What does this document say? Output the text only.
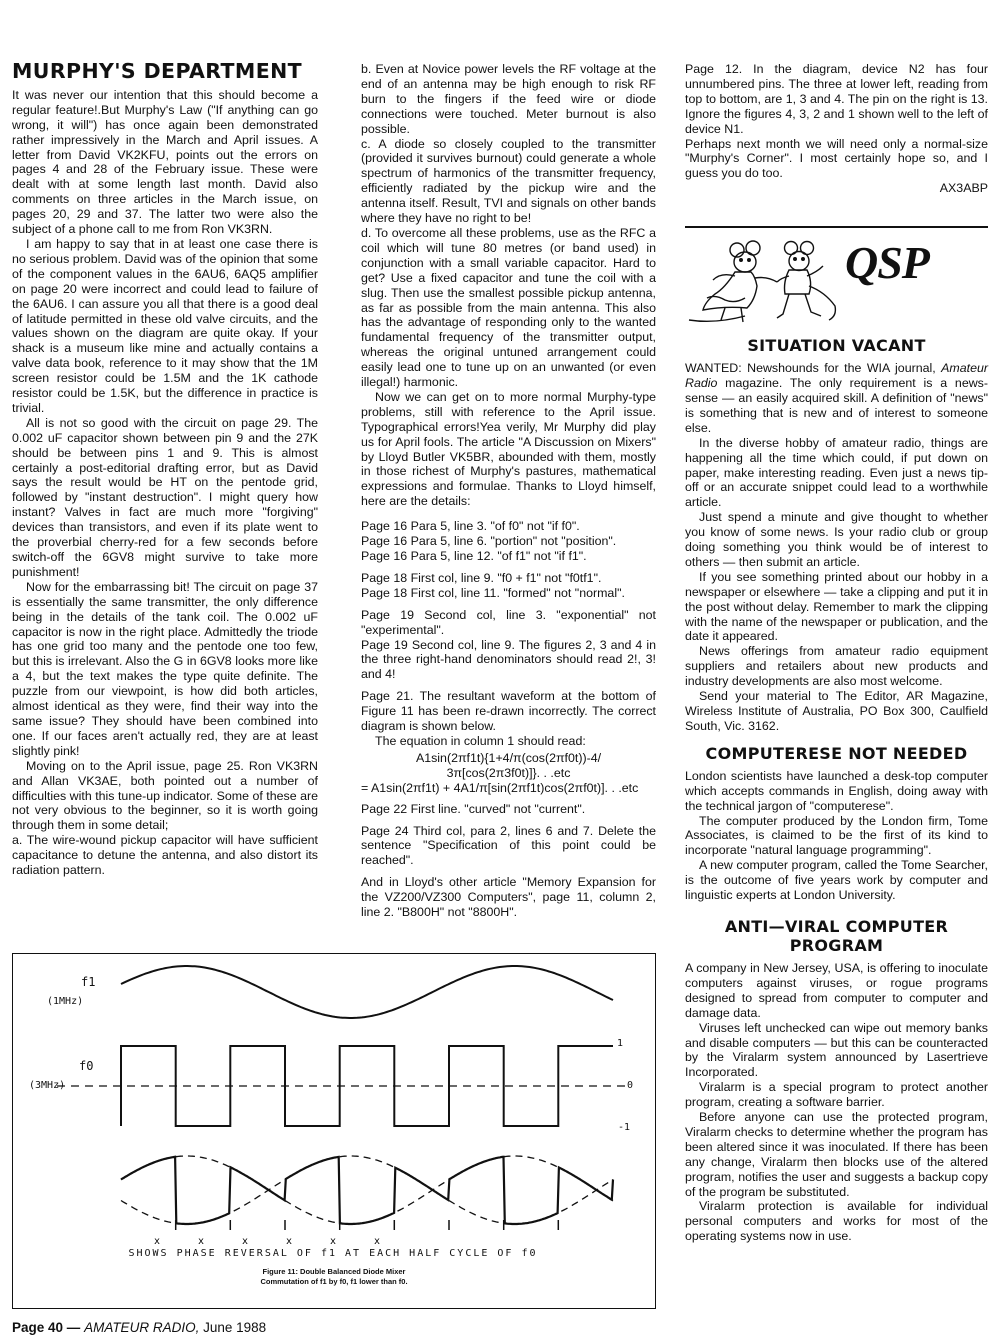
MURPHY'S DEPARTMENT

It was never our intention that this should become a regular feature!.But Murphy's Law ("If anything can go wrong, it will") has once again been demonstrated rather impressively in the March and April issues. A letter from David VK2KFU, points out the errors on pages 4 and 28 of the February issue. These were dealt with at some length last month. David also comments on three articles in the March issue, on pages 20, 29 and 37. The latter two were also the subject of a phone call to me from Ron VK3RN.

I am happy to say that in at least one case there is no serious problem. David was of the opinion that some of the component values in the 6AU6, 6AQ5 amplifier on page 20 were incorrect and could lead to failure of the 6AU6. I can assure you all that there is a good deal of latitude permitted in these old valve circuits, and the values shown on the diagram are quite okay. If your shack is a museum like mine and actually contains a valve data book, reference to it may show that the 1M screen resistor could be 1.5M and the 1K cathode resistor could be 1.5K, but the difference in practice is trivial.

All is not so good with the circuit on page 29. The 0.002 uF capacitor shown between pin 9 and the 27K should be between pins 1 and 9. This is almost certainly a post-editorial drafting error, but as David says the result would be HT on the pentode grid, followed by "instant destruction". I might query how instant? Valves in fact are much more "forgiving" devices than transistors, and even if its plate went to the proverbial cherry-red for a few seconds before switch-off the 6GV8 might survive to take more punishment!

Now for the embarrassing bit! The circuit on page 37 is essentially the same transmitter, the only difference being in the details of the tank coil. The 0.002 uF capacitor is now in the right place. Admittedly the triode has one grid too many and the pentode one too few, but this is irrelevant. Also the G in 6GV8 looks more like a 4, but the text makes the type quite definite. The puzzle from our viewpoint, is how did both articles, almost identical as they were, find their way into the same issue? They should have been combined into one. If our faces aren't actually red, they are at least slightly pink!

Moving on to the April issue, page 25. Ron VK3RN and Allan VK3AE, both pointed out a number of difficulties with this tune-up indicator. Some of these are not very obvious to the beginner, so it is worth going through them in some detail;

a. The wire-wound pickup capacitor will have sufficient capacitance to detune the antenna, and also distort its radiation pattern.

b. Even at Novice power levels the RF voltage at the end of an antenna may be high enough to risk RF burn to the fingers if the feed wire or diode connections were touched. Meter burnout is also possible.

c. A diode so closely coupled to the transmitter (provided it survives burnout) could generate a whole spectrum of harmonics of the transmitter frequency, efficiently radiated by the pickup wire and the antenna itself. Result, TVI and signals on other bands where they have no right to be!

d. To overcome all these problems, use as the RFC a coil which will tune 80 metres (or band used) in conjunction with a small variable capacitor. Hard to get? Use a fixed capacitor and tune the coil with a slug. Then use the smallest possible pickup antenna, as far as possible from the main antenna. This also has the advantage of responding only to the wanted fundamental frequency of the transmitter output, whereas the original untuned arrangement could easily lead one to tune up on an unwanted (or even illegal!) harmonic.

Now we can get on to more normal Murphy-type problems, still with reference to the April issue. Typographical errors!Yea verily, Mr Murphy did play us for April fools. The article "A Discussion on Mixers" by Lloyd Butler VK5BR, abounded with them, mostly in those richest of Murphy's pastures, mathematical expressions and formulae. Thanks to Lloyd himself, here are the details:

Page 16 Para 5, line 3. "of f0" not "if f0".

Page 16 Para 5, line 6. "portion" not "position".

Page 16 Para 5, line 12. "of f1" not "if f1".

Page 18 First col, line 9. "f0 + f1" not "f0tf1".

Page 18 First col, line 11. "formed" not "normal".

Page 19 Second col, line 3. "exponential" not "experimental".

Page 19 Second col, line 9. The figures 2, 3 and 4 in the three right-hand denominators should read 2!, 3! and 4!

Page 21. The resultant waveform at the bottom of Figure 11 has been re-drawn incorrectly. The correct diagram is shown below.

The equation in column 1 should read:

A1sin(2πf1t){1+4/π(cos(2πf0t))-4/

3π[cos(2π3f0t)]}. . .etc

= A1sin(2πf1t) + 4A1/π[sin(2πf1t)cos(2πf0t)]. . .etc

Page 22 First line. "curved" not "current".

Page 24 Third col, para 2, lines 6 and 7. Delete the sentence "Specification of this point could be reached".

And in Lloyd's other article "Memory Expansion for the VZ200/VZ300 Computers", page 11, column 2, line 2. "B800H" not "8800H".

Page 12. In the diagram, device N2 has four unnumbered pins. The three at lower left, reading from top to bottom, are 1, 3 and 4. The pin on the right is 13. Ignore the figures 4, 3, 2 and 1 shown well to the left of device N1.

Perhaps next month we will need only a normal-size "Murphy's Corner". I most certainly hope so, and I guess you do too.

AX3ABP

QSP
SITUATION VACANT

WANTED: Newshounds for the WIA journal, Amateur Radio magazine. The only requirement is a news-sense — an easily acquired skill. A definition of "news" is something that is new and of interest to someone else.

In the diverse hobby of amateur radio, things are happening all the time which could, if put down on paper, make interesting reading. Even just a news tip-off or an accurate snippet could lead to a worthwhile article.

Just spend a minute and give thought to whether you know of some news. Is your radio club or group doing something you think would be of interest to others — then submit an article.

If you see something printed about our hobby in a newspaper or elsewhere — take a clipping and put it in the post without delay. Remember to mark the clipping with the name of the newspaper or publication, and the date it appeared.

News offerings from amateur radio equipment suppliers and retailers about new products and industry developments are also most welcome.

Send your material to The Editor, AR Magazine, Wireless Institute of Australia, PO Box 300, Caulfield South, Vic. 3162.

COMPUTERESE NOT NEEDED

London scientists have launched a desk-top computer which accepts commands in English, doing away with the technical jargon of "computerese".

The computer produced by the London firm, Tome Associates, is claimed to be the first of its kind to incorporate "natural language programming".

A new computer program, called the Tome Searcher, is the outcome of five years work by computer and linguistic experts at London University.

ANTI—VIRAL COMPUTER PROGRAM

A company in New Jersey, USA, is offering to inoculate computers against viruses, or rogue programs designed to spread from computer to computer and damage data.

Viruses left unchecked can wipe out memory banks and disable computers — but this can be counteracted by the Viralarm system announced by Lasertrieve Incorporated.

Viralarm is a special program to protect another program, creating a software barrier.

Before anyone can use the protected program, Viralarm checks to determine whether the program has been altered since it was inoculated. If there has been any change, Viralarm then blocks use of the altered program, notifies the user and suggests a backup copy of the program be substituted.

Viralarm protection is available for individual personal computers and works for most of the operating systems now in use.

f1
(1MHz)
f0
(3MHz)
1
0
-1
SHOWS PHASE REVERSAL OF f1 AT EACH HALF CYCLE OF f0
x	x	x	x	x	x
Figure 11: Double Balanced Diode Mixer
Commutation of f1 by f0, f1 lower than f0.
Page 40 — AMATEUR RADIO, June 1988
